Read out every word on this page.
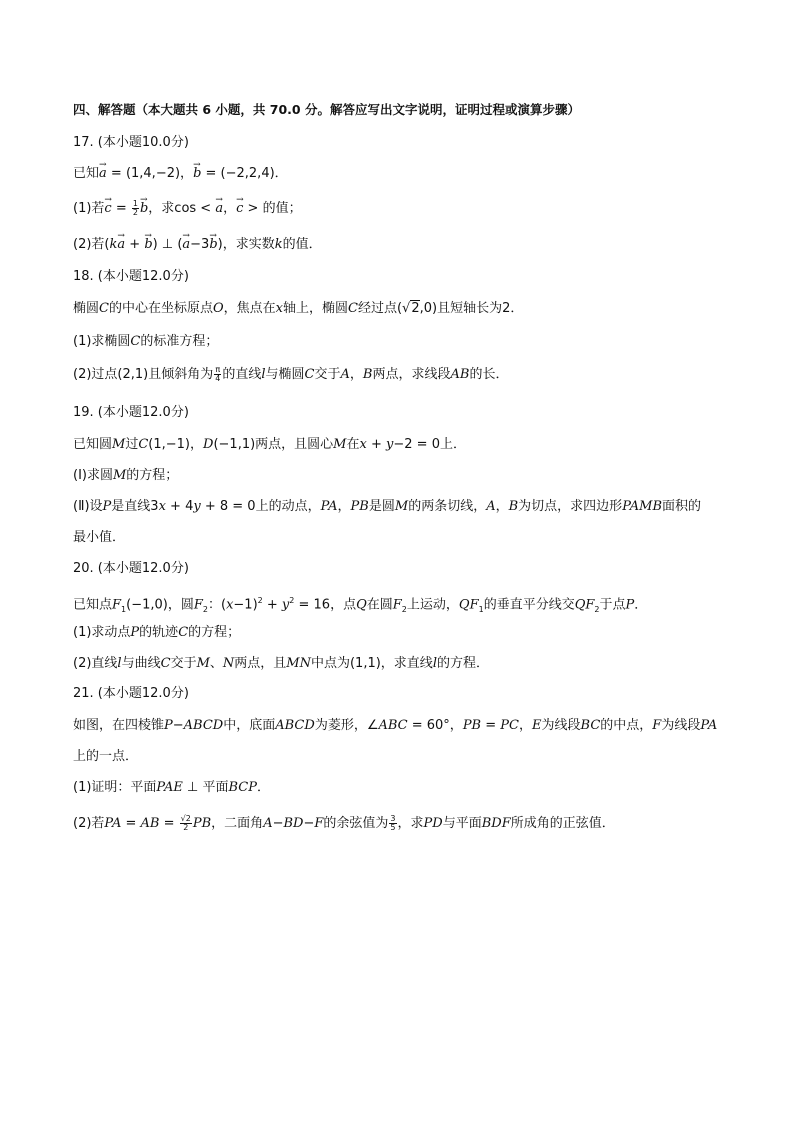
四、解答题（本大题共 6 小题，共 70.0 分。解答应写出文字说明，证明过程或演算步骤）
17. (本小题10.0分)
已知→ a = (1,4,−2)，→ b = (−2,2,4)．
(1)若→ $c = \frac{1}{2}$
→ b，求cos < → a，→ c > 的值；
(2)若(k→ a + → b) ⊥ (→ a−3→ b)，求实数k的值．
18. (本小题12.0分)
椭圆C的中心在坐标原点O，焦点在x轴上，椭圆C经过点(√2,0)且短轴长为2．
(1)求椭圆C的标准方程；
(2)过点(2,1)且倾斜角为 $\frac{\pi}{4}$ 的直线l与椭圆C交于A，B两点，求线段AB的长．
19. (本小题12.0分)
已知圆M过C(1,−1)，D(−1,1)两点，且圆心M在x + y−2 = 0上．
(Ⅰ)求圆M的方程；
(Ⅱ)设P是直线3x + 4y + 8 = 0上的动点，PA，PB是圆M的两条切线，A，B为切点，求四边形PAMB面积的
最小值．
20. (本小题12.0分)
已知点$F_1(-1,0)$，圆$F_2$：$(x-1)^2 + y^2 = 16$，点Q在圆$F_2$上运动，$QF_1$的垂直平分线交$QF_2$于点P．
(1)求动点P的轨迹C的方程；
(2)直线l与曲线C交于M、N两点，且MN中点为(1,1)，求直线l的方程．
21. (本小题12.0分)
如图，在四棱锥P−ABCD中，底面ABCD为菱形，∠ABC = 60°，PB = PC，E为线段BC的中点，F为线段PA
上的一点．
(1)证明：平面PAE ⊥ 平面BCP．
(2)若PA = AB = $\frac{√2}{2}$ PB，二面角A−BD−F的余弦值为 $\frac{3}{5}$ ，求PD与平面BDF所成角的正弦值．
